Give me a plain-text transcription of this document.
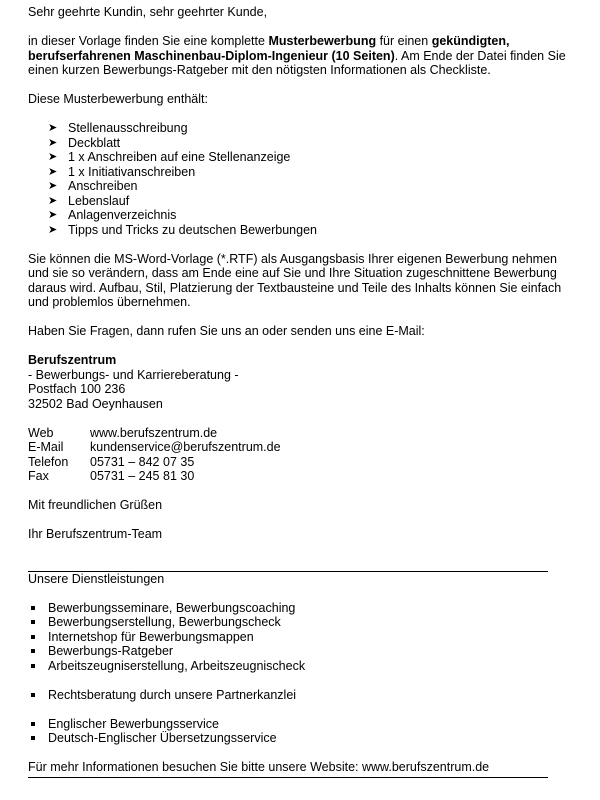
Sehr geehrte Kundin, sehr geehrter Kunde,

in dieser Vorlage finden Sie eine komplette Musterbewerbung für einen gekündigten, berufserfahrenen Maschinenbau-Diplom-Ingenieur (10 Seiten). Am Ende der Datei finden Sie einen kurzen Bewerbungs-Ratgeber mit den nötigsten Informationen als Checkliste.

Diese Musterbewerbung enthält:

➤ Stellenausschreibung
➤ Deckblatt
➤ 1 x Anschreiben auf eine Stellenanzeige
➤ 1 x Initiativanschreiben
➤ Anschreiben
➤ Lebenslauf
➤ Anlagenverzeichnis
➤ Tipps und Tricks zu deutschen Bewerbungen

Sie können die MS-Word-Vorlage (*.RTF) als Ausgangsbasis Ihrer eigenen Bewerbung nehmen und sie so verändern, dass am Ende eine auf Sie und Ihre Situation zugeschnittene Bewerbung daraus wird. Aufbau, Stil, Platzierung der Textbausteine und Teile des Inhalts können Sie einfach und problemlos übernehmen.

Haben Sie Fragen, dann rufen Sie uns an oder senden uns eine E-Mail:

Berufszentrum

- Bewerbungs- und Karriereberatung -

Postfach 100 236

32502 Bad Oeynhausen

Web	www.berufszentrum.de
E-Mail	kundenservice@berufszentrum.de
Telefon	05731 – 842 07 35
Fax	05731 – 245 81 30

Mit freundlichen Grüßen

Ihr Berufszentrum-Team

Unsere Dienstleistungen

Bewerbungsseminare, Bewerbungscoaching
Bewerbungserstellung, Bewerbungscheck
Internetshop für Bewerbungsmappen
Bewerbungs-Ratgeber
Arbeitszeugniserstellung, Arbeitszeugnischeck
Rechtsberatung durch unsere Partnerkanzlei
Englischer Bewerbungsservice
Deutsch-Englischer Übersetzungsservice

Für mehr Informationen besuchen Sie bitte unsere Website: www.berufszentrum.de
